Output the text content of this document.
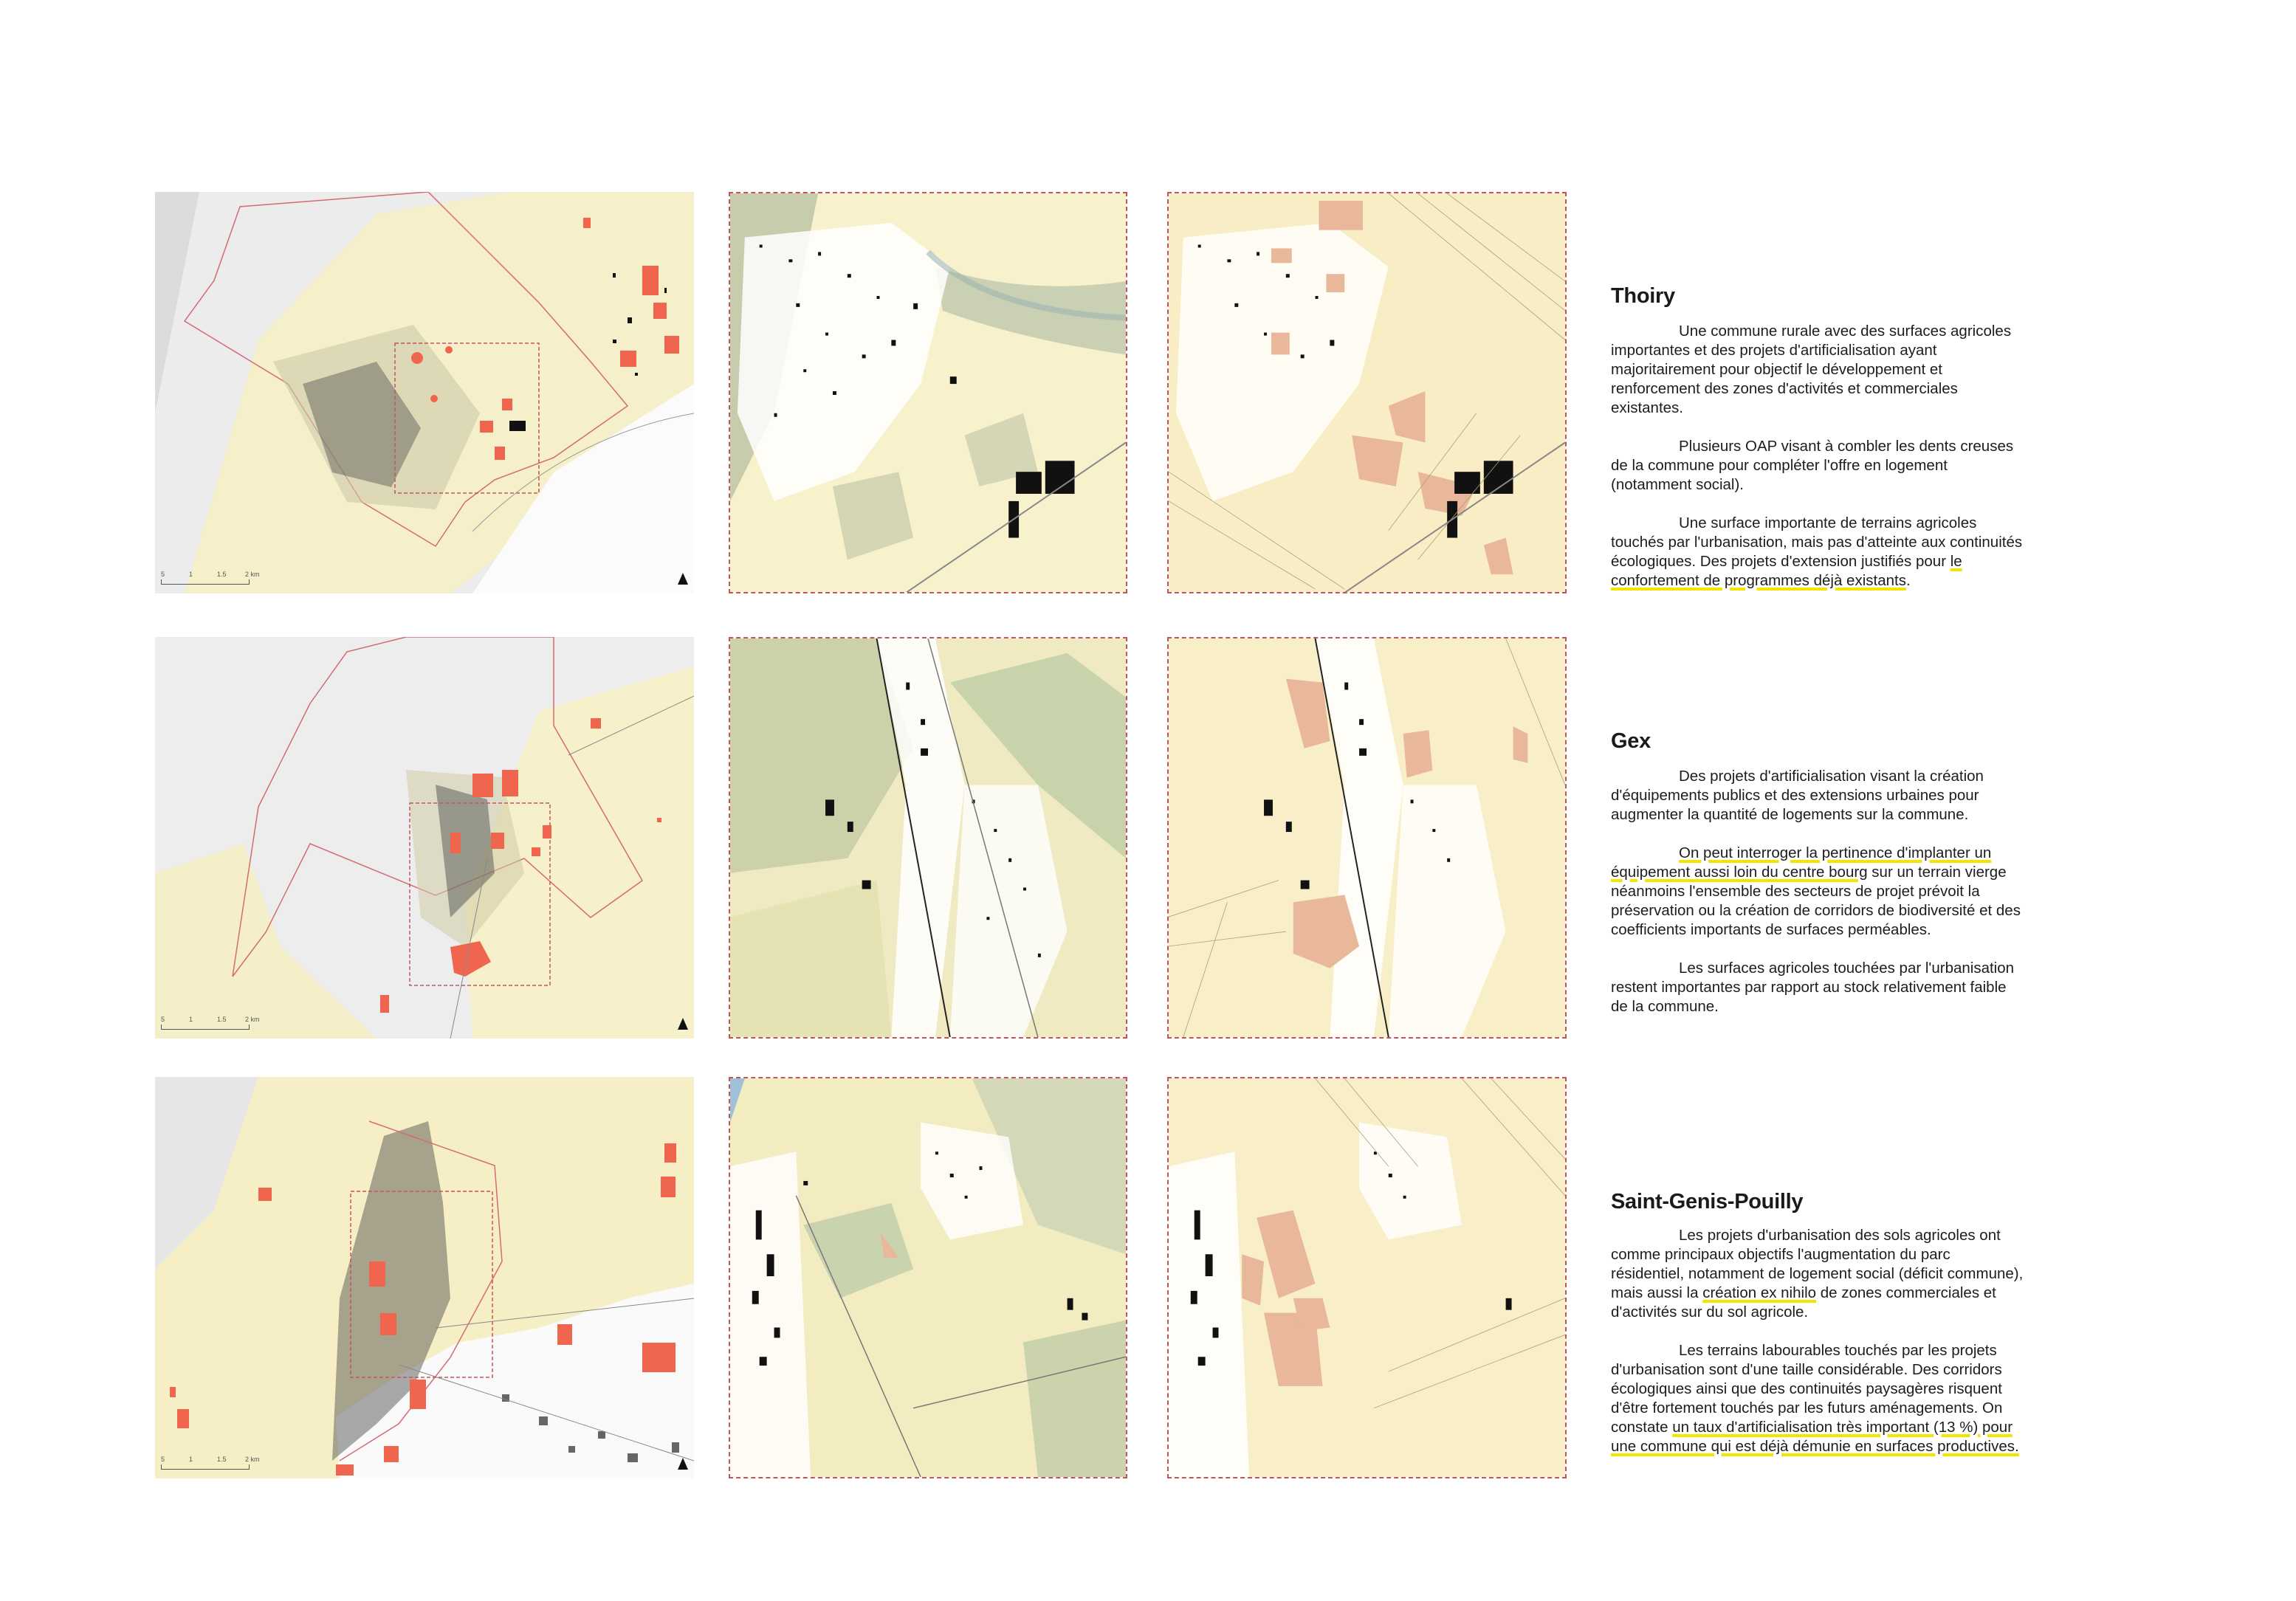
5	1	1.5	2 km
Thoiry

Une commune rurale avec des surfaces agricoles importantes et des projets d'artificialisation ayant majoritairement pour objectif le développement et renforcement des zones d'activités et commerciales existantes.

Plusieurs OAP visant à combler les dents creuses de la commune pour compléter l'offre en logement (notamment social).

Une surface importante de terrains agricoles touchés par l'urbanisation, mais pas d'atteinte aux continuités écologiques. Des projets d'extension justifiés pour le confortement de programmes déjà existants.

5	1	1.5	2 km
Gex

Des projets d'artificialisation visant la création d'équipements publics et des extensions urbaines pour augmenter la quantité de logements sur la commune.

On peut interroger la pertinence d'implanter un équipement aussi loin du centre bourg sur un terrain vierge néanmoins l'ensemble des secteurs de projet prévoit la préservation ou la création de corridors de biodiversité et des coefficients importants de surfaces perméables.

Les surfaces agricoles touchées par l'urbanisation restent importantes par rapport au stock relativement faible de la commune.

5	1	1.5	2 km
Saint-Genis-Pouilly

Les projets d'urbanisation des sols agricoles ont comme principaux objectifs l'augmentation du parc résidentiel, notamment de logement social (déficit commune), mais aussi la création ex nihilo de zones commerciales et d'activités sur du sol agricole.

Les terrains labourables touchés par les projets d'urbanisation sont d'une taille considérable. Des corridors écologiques ainsi que des continuités paysagères risquent d'être fortement touchés par les futurs aménagements. On constate un taux d'artificialisation très important (13 %) pour une commune qui est déjà démunie en surfaces productives.
